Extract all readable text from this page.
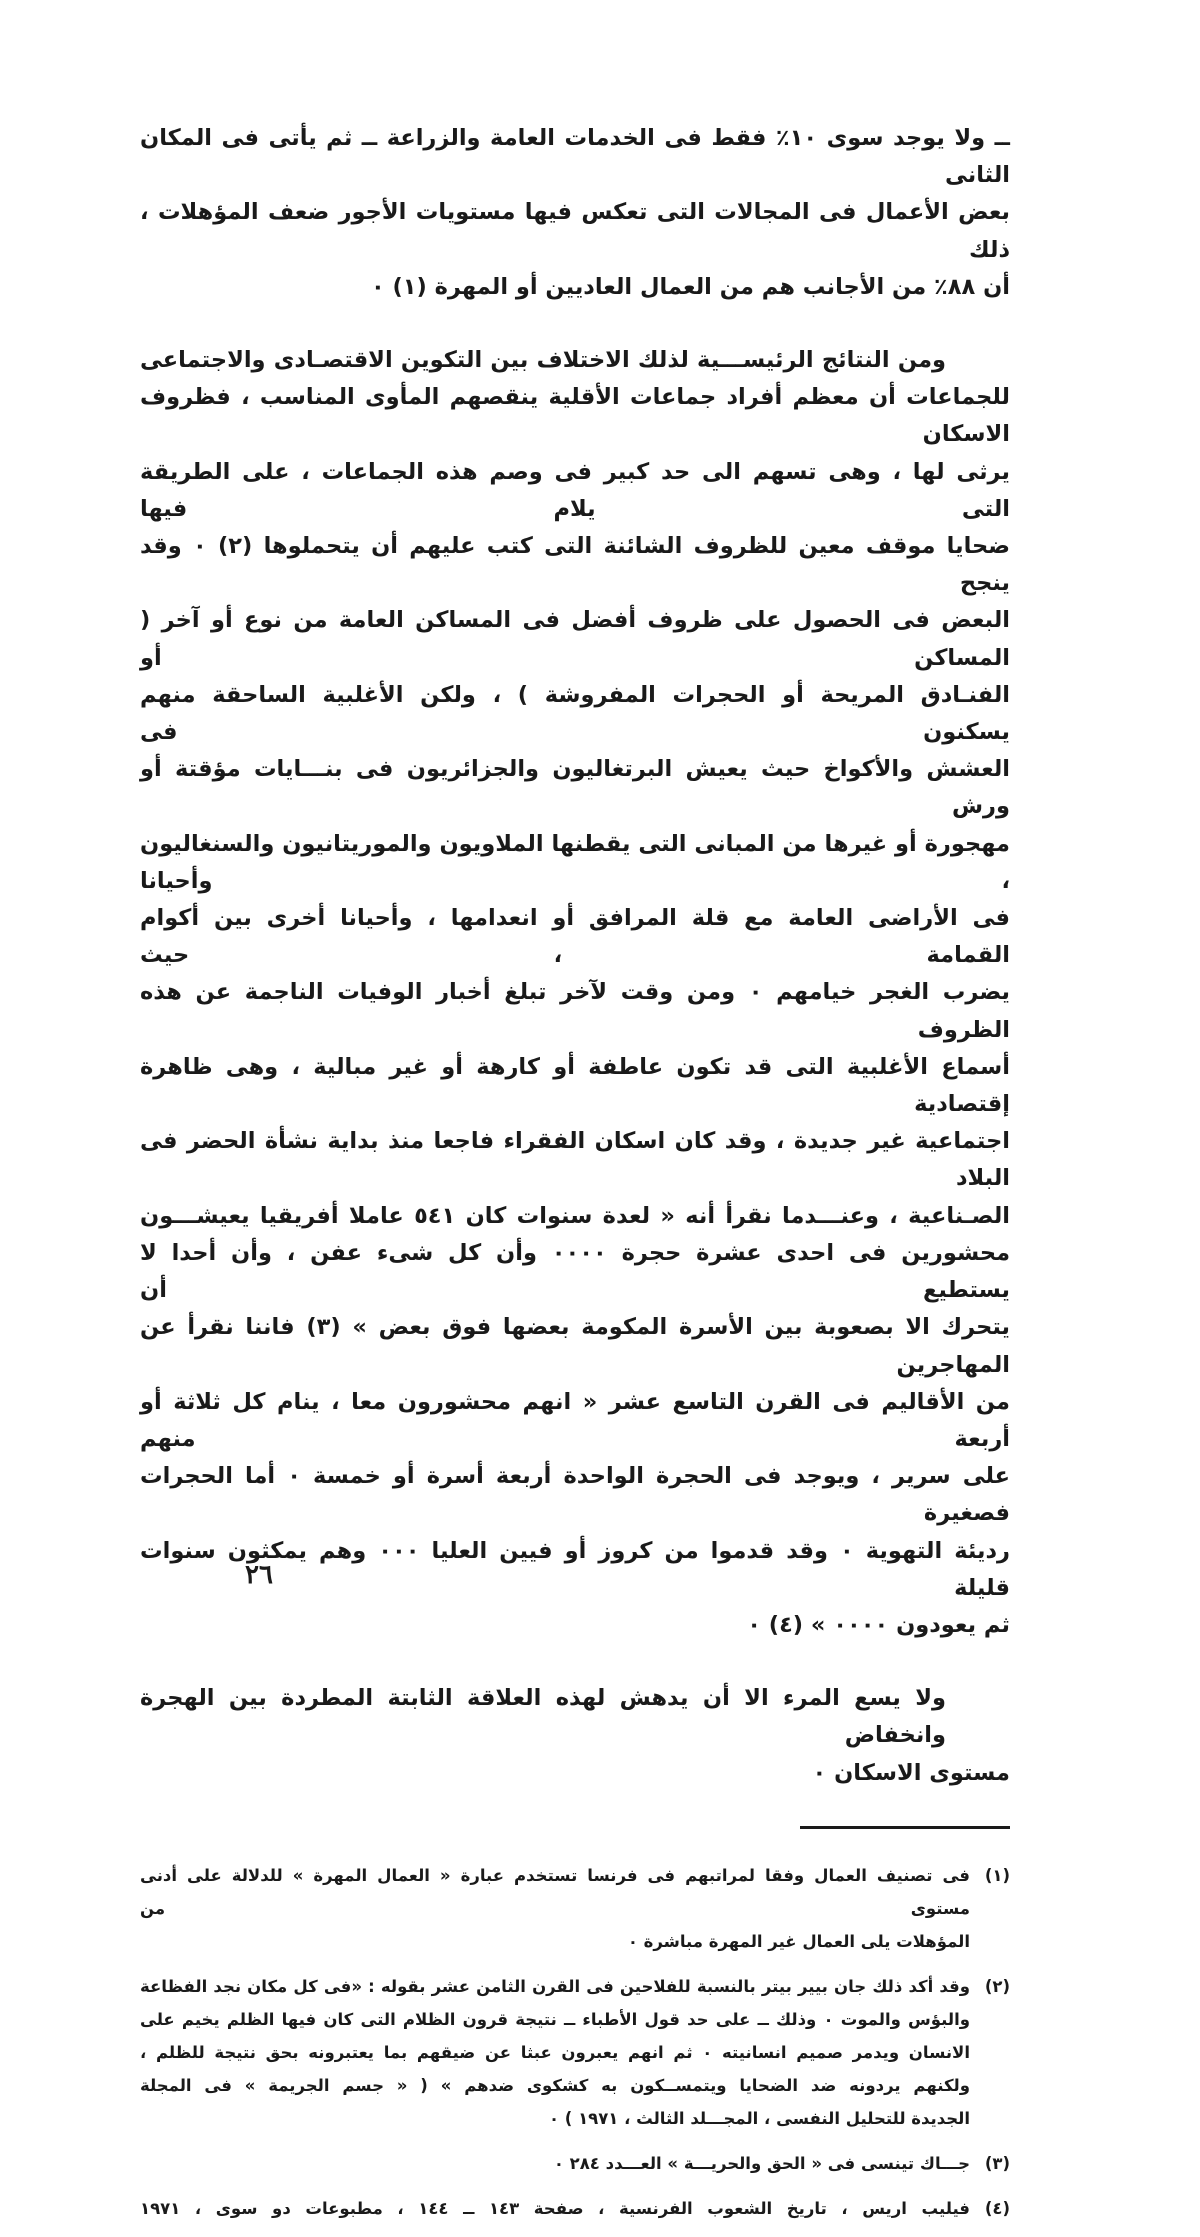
ــ ولا يوجد سوى ١٠٪ فقط فى الخدمات العامة والزراعة ــ ثم يأتى فى المكان الثانى
بعض الأعمال فى المجالات التى تعكس فيها مستويات الأجور ضعف المؤهلات ، ذلك
أن ٨٨٪ من الأجانب هم من العمال العاديين أو المهرة (١) ٠
ومن النتائج الرئيســـية لذلك الاختلاف بين التكوين الاقتصـادى والاجتماعى
للجماعات أن معظم أفراد جماعات الأقلية ينقصهم المأوى المناسب ، فظروف الاسكان
يرثى لها ، وهى تسهم الى حد كبير فى وصم هذه الجماعات ، على الطريقة التى يلام فيها
ضحايا موقف معين للظروف الشائنة التى كتب عليهم أن يتحملوها (٢) ٠ وقد ينجح
البعض فى الحصول على ظروف أفضل فى المساكن العامة من نوع أو آخر ( المساكن أو
الفنـادق المريحة أو الحجرات المفروشة ) ، ولكن الأغلبية الساحقة منهم يسكنون فى
العشش والأكواخ حيث يعيش البرتغاليون والجزائريون فى بنـــايات مؤقتة أو ورش
مهجورة أو غيرها من المبانى التى يقطنها الملاويون والموريتانيون والسنغاليون ، وأحيانا
فى الأراضى العامة مع قلة المرافق أو انعدامها ، وأحيانا أخرى بين أكوام القمامة ، حيث
يضرب الغجر خيامهم ٠ ومن وقت لآخر تبلغ أخبار الوفيات الناجمة عن هذه الظروف
أسماع الأغلبية التى قد تكون عاطفة أو كارهة أو غير مبالية ، وهى ظاهرة إقتصادية
اجتماعية غير جديدة ، وقد كان اسكان الفقراء فاجعا منذ بداية نشأة الحضر فى البلاد
الصـناعية ، وعنـــدما نقرأ أنه « لعدة سنوات كان ٥٤١ عاملا أفريقيا يعيشـــون
محشورين فى احدى عشرة حجرة ٠٠٠٠ وأن كل شىء عفن ، وأن أحدا لا يستطيع أن
يتحرك الا بصعوبة بين الأسرة المكومة بعضها فوق بعض » (٣) فاننا نقرأ عن المهاجرين
من الأقاليم فى القرن التاسع عشر « انهم محشورون معا ، ينام كل ثلاثة أو أربعة منهم
على سرير ، ويوجد فى الحجرة الواحدة أربعة أسرة أو خمسة ٠ أما الحجرات فصغيرة
رديئة التهوية ٠ وقد قدموا من كروز أو فيين العليا ٠٠٠ وهم يمكثون سنوات قليلة
ثم يعودون ٠٠٠٠ » (٤) ٠
ولا يسع المرء الا أن يدهش لهذه العلاقة الثابتة المطردة بين الهجرة وانخفاض
مستوى الاسكان ٠
(١)
فى تصنيف العمال وفقا لمراتبهم فى فرنسا تستخدم عبارة « العمال المهرة » للدلالة على أدنى مستوى من
المؤهلات يلى العمال غير المهرة مباشرة ٠
(٢)
وقد أكد ذلك جان بيير بيتر بالنسبة للفلاحين فى القرن الثامن عشر بقوله : «فى كل مكان نجد الفظاعة
والبؤس والموت ٠ وذلك ــ على حد قول الأطباء ــ نتيجة قرون الظلام التى كان فيها الظلم يخيم على
الانسان ويدمر صميم انسانيته ٠ ثم انهم يعبرون عبثا عن ضيقهم بما يعتبرونه بحق نتيجة للظلم ،
ولكنهم يردونه ضد الضحايا ويتمســكون به كشكوى ضدهم » ( « جسم الجريمة » فى المجلة
الجديدة للتحليل النفسى ، المجـــلد الثالث ، ١٩٧١ ) ٠
(٣)
جـــاك تينسى فى « الحق والحريـــة » العـــدد ٢٨٤ ٠
(٤)
فيليب اريس ، تاريخ الشعوب الفرنسية ، صفحة ١٤٣ ــ ١٤٤ ، مطبوعات دو سوى ، ١٩٧١
٢٦
